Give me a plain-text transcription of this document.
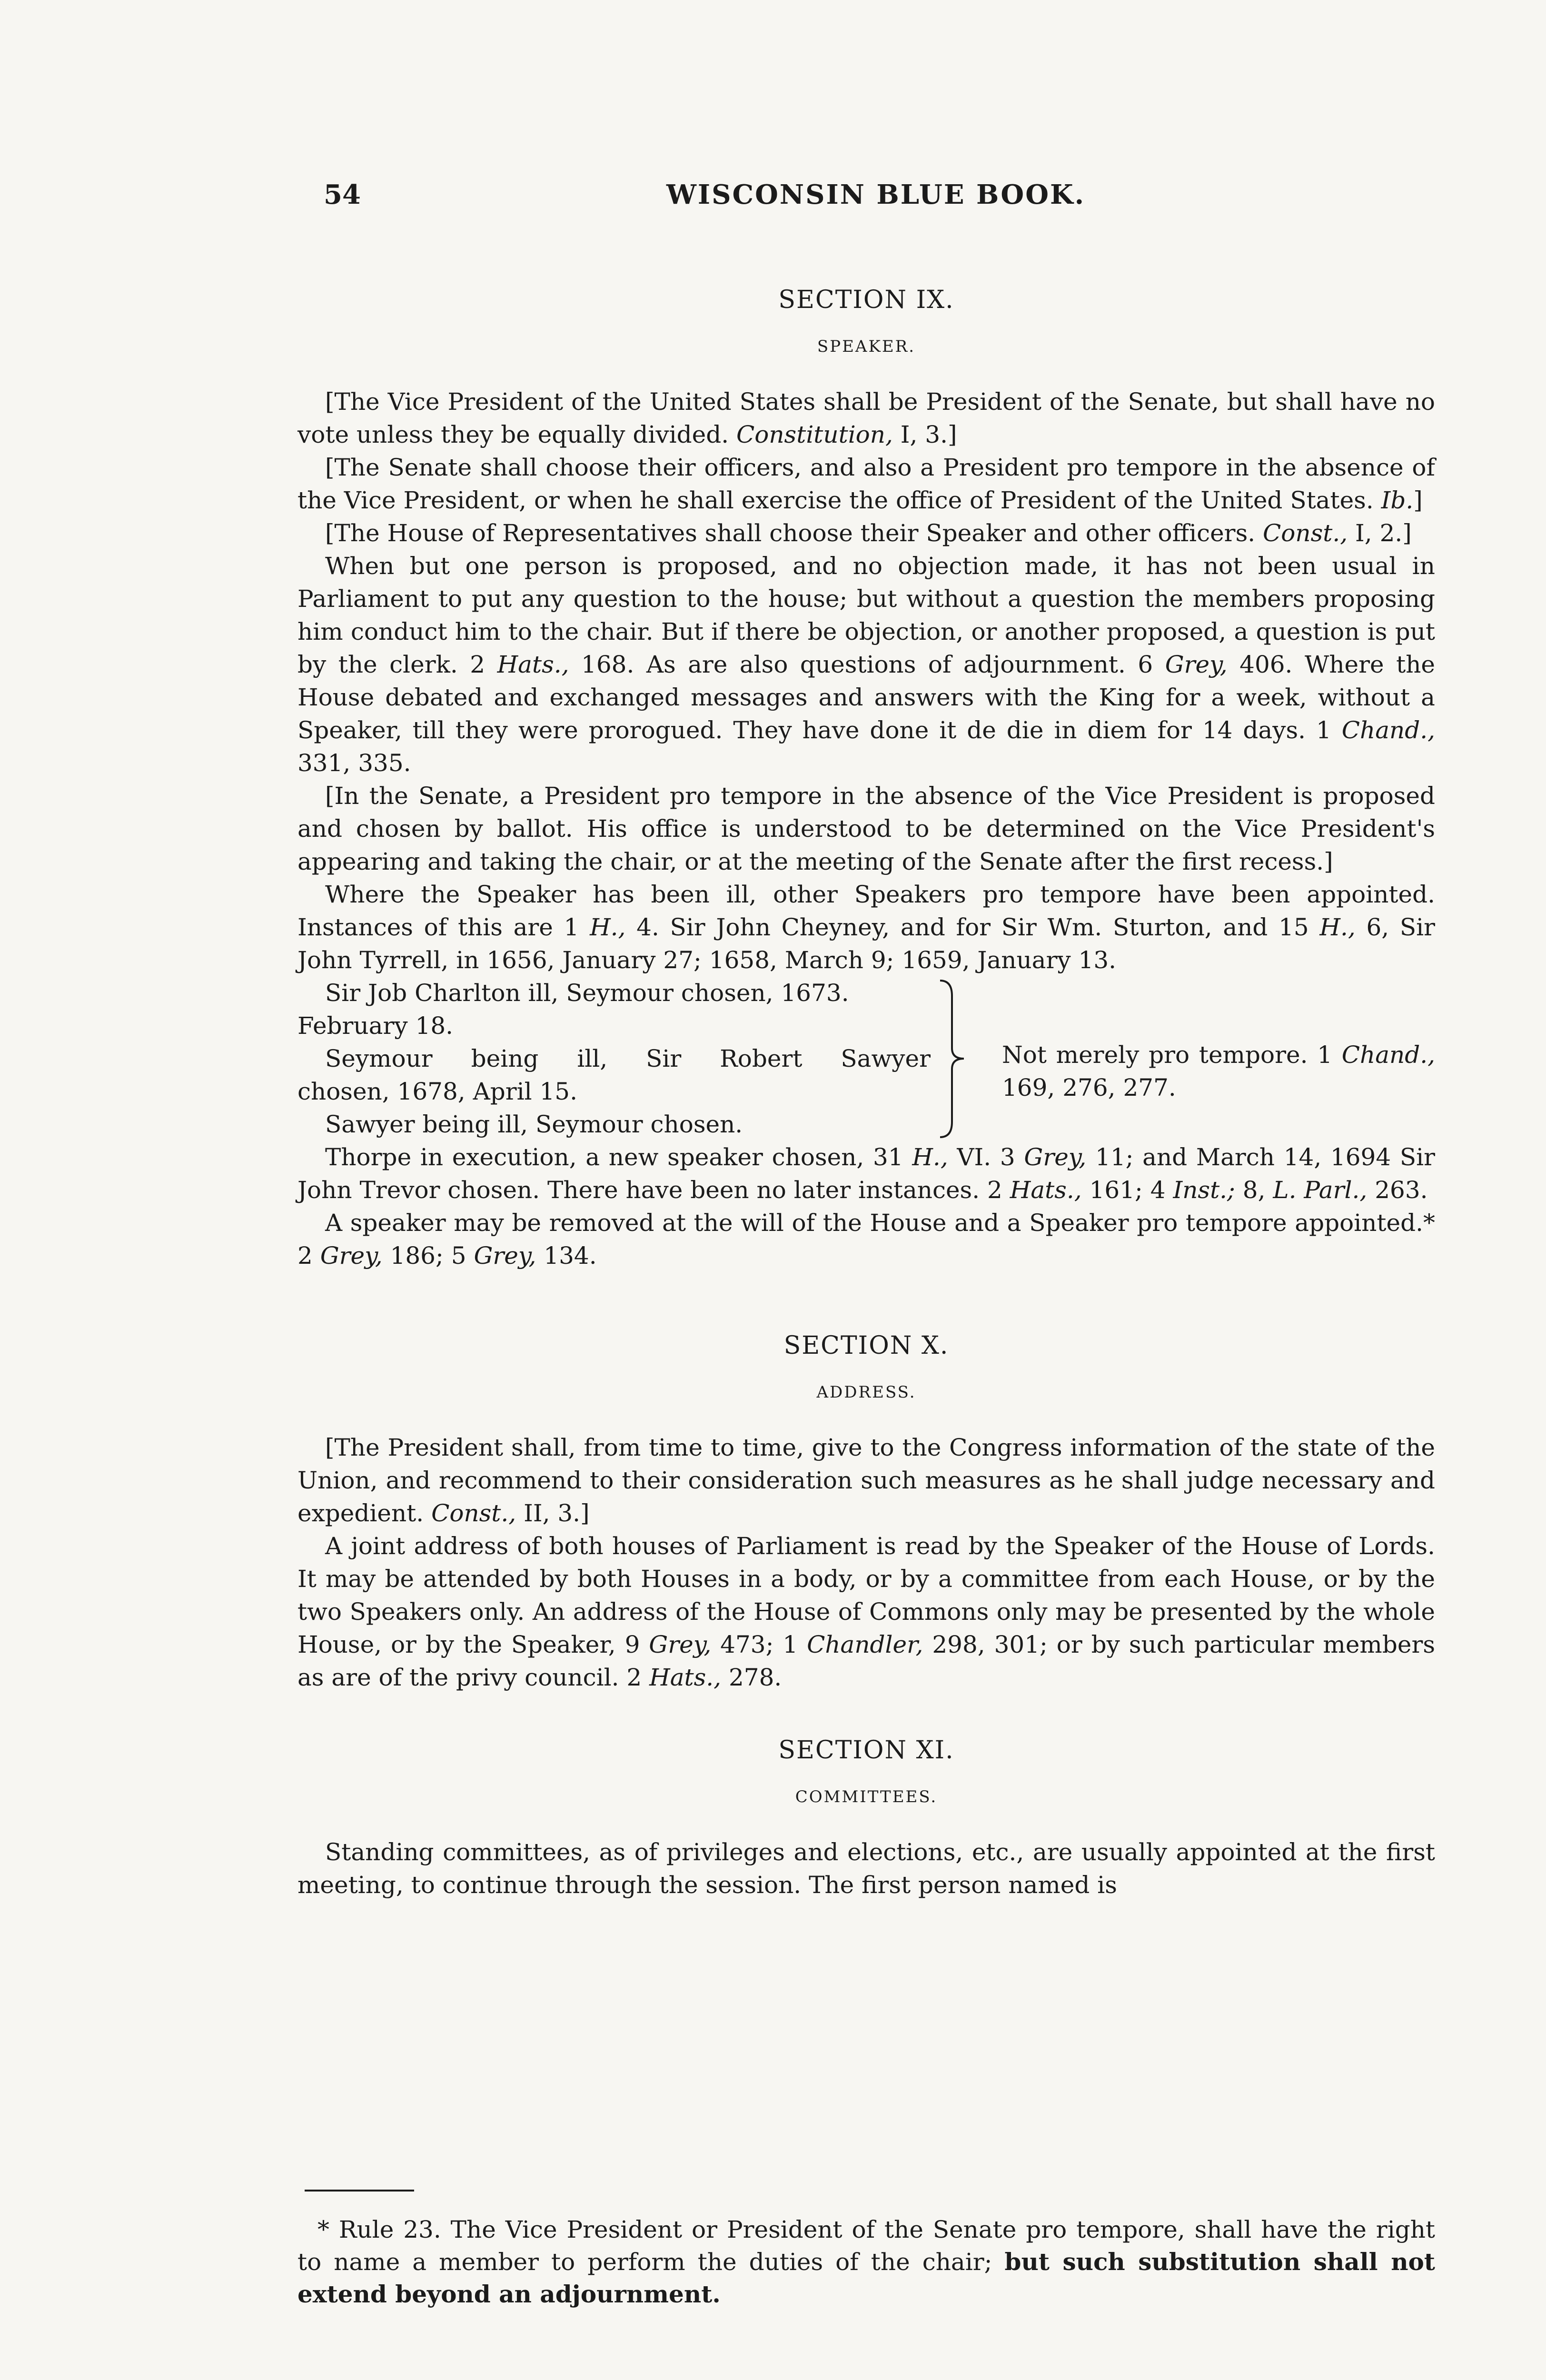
54	WISCONSIN BLUE BOOK.
SECTION IX.
SPEAKER.

[The Vice President of the United States shall be President of the Senate, but shall have no vote unless they be equally divided. Constitution, I, 3.]

[The Senate shall choose their officers, and also a President pro tempore in the absence of the Vice President, or when he shall exercise the office of President of the United States. Ib.]

[The House of Representatives shall choose their Speaker and other officers. Const., I, 2.]

When but one person is proposed, and no objection made, it has not been usual in Parliament to put any question to the house; but without a question the members proposing him conduct him to the chair. But if there be objection, or another proposed, a question is put by the clerk. 2 Hats., 168. As are also questions of adjournment. 6 Grey, 406. Where the House debated and exchanged messages and answers with the King for a week, without a Speaker, till they were prorogued. They have done it de die in diem for 14 days. 1 Chand., 331, 335.

[In the Senate, a President pro tempore in the absence of the Vice President is proposed and chosen by ballot. His office is understood to be determined on the Vice President's appearing and taking the chair, or at the meeting of the Senate after the first recess.]

Where the Speaker has been ill, other Speakers pro tempore have been appointed. Instances of this are 1 H., 4. Sir John Cheyney, and for Sir Wm. Sturton, and 15 H., 6, Sir John Tyrrell, in 1656, January 27; 1658, March 9; 1659, January 13.

Sir Job Charlton ill, Seymour chosen, 1673.
February 18.
Seymour being ill, Sir Robert Sawyer
chosen, 1678, April 15.
Sawyer being ill, Seymour chosen.
Not merely pro tempore. 1 Chand., 169, 276, 277.

Thorpe in execution, a new speaker chosen, 31 H., VI. 3 Grey, 11; and March 14, 1694 Sir John Trevor chosen. There have been no later instances. 2 Hats., 161; 4 Inst.; 8, L. Parl., 263.

A speaker may be removed at the will of the House and a Speaker pro tempore appointed.* 2 Grey, 186; 5 Grey, 134.

SECTION X.
ADDRESS.

[The President shall, from time to time, give to the Congress information of the state of the Union, and recommend to their consideration such measures as he shall judge necessary and expedient. Const., II, 3.]

A joint address of both houses of Parliament is read by the Speaker of the House of Lords. It may be attended by both Houses in a body, or by a committee from each House, or by the two Speakers only. An address of the House of Commons only may be presented by the whole House, or by the Speaker, 9 Grey, 473; 1 Chandler, 298, 301; or by such particular members as are of the privy council. 2 Hats., 278.

SECTION XI.
COMMITTEES.

Standing committees, as of privileges and elections, etc., are usually appointed at the first meeting, to continue through the session. The first person named is

* Rule 23. The Vice President or President of the Senate pro tempore, shall have the right to name a member to perform the duties of the chair; but such substitution shall not extend beyond an adjournment.
